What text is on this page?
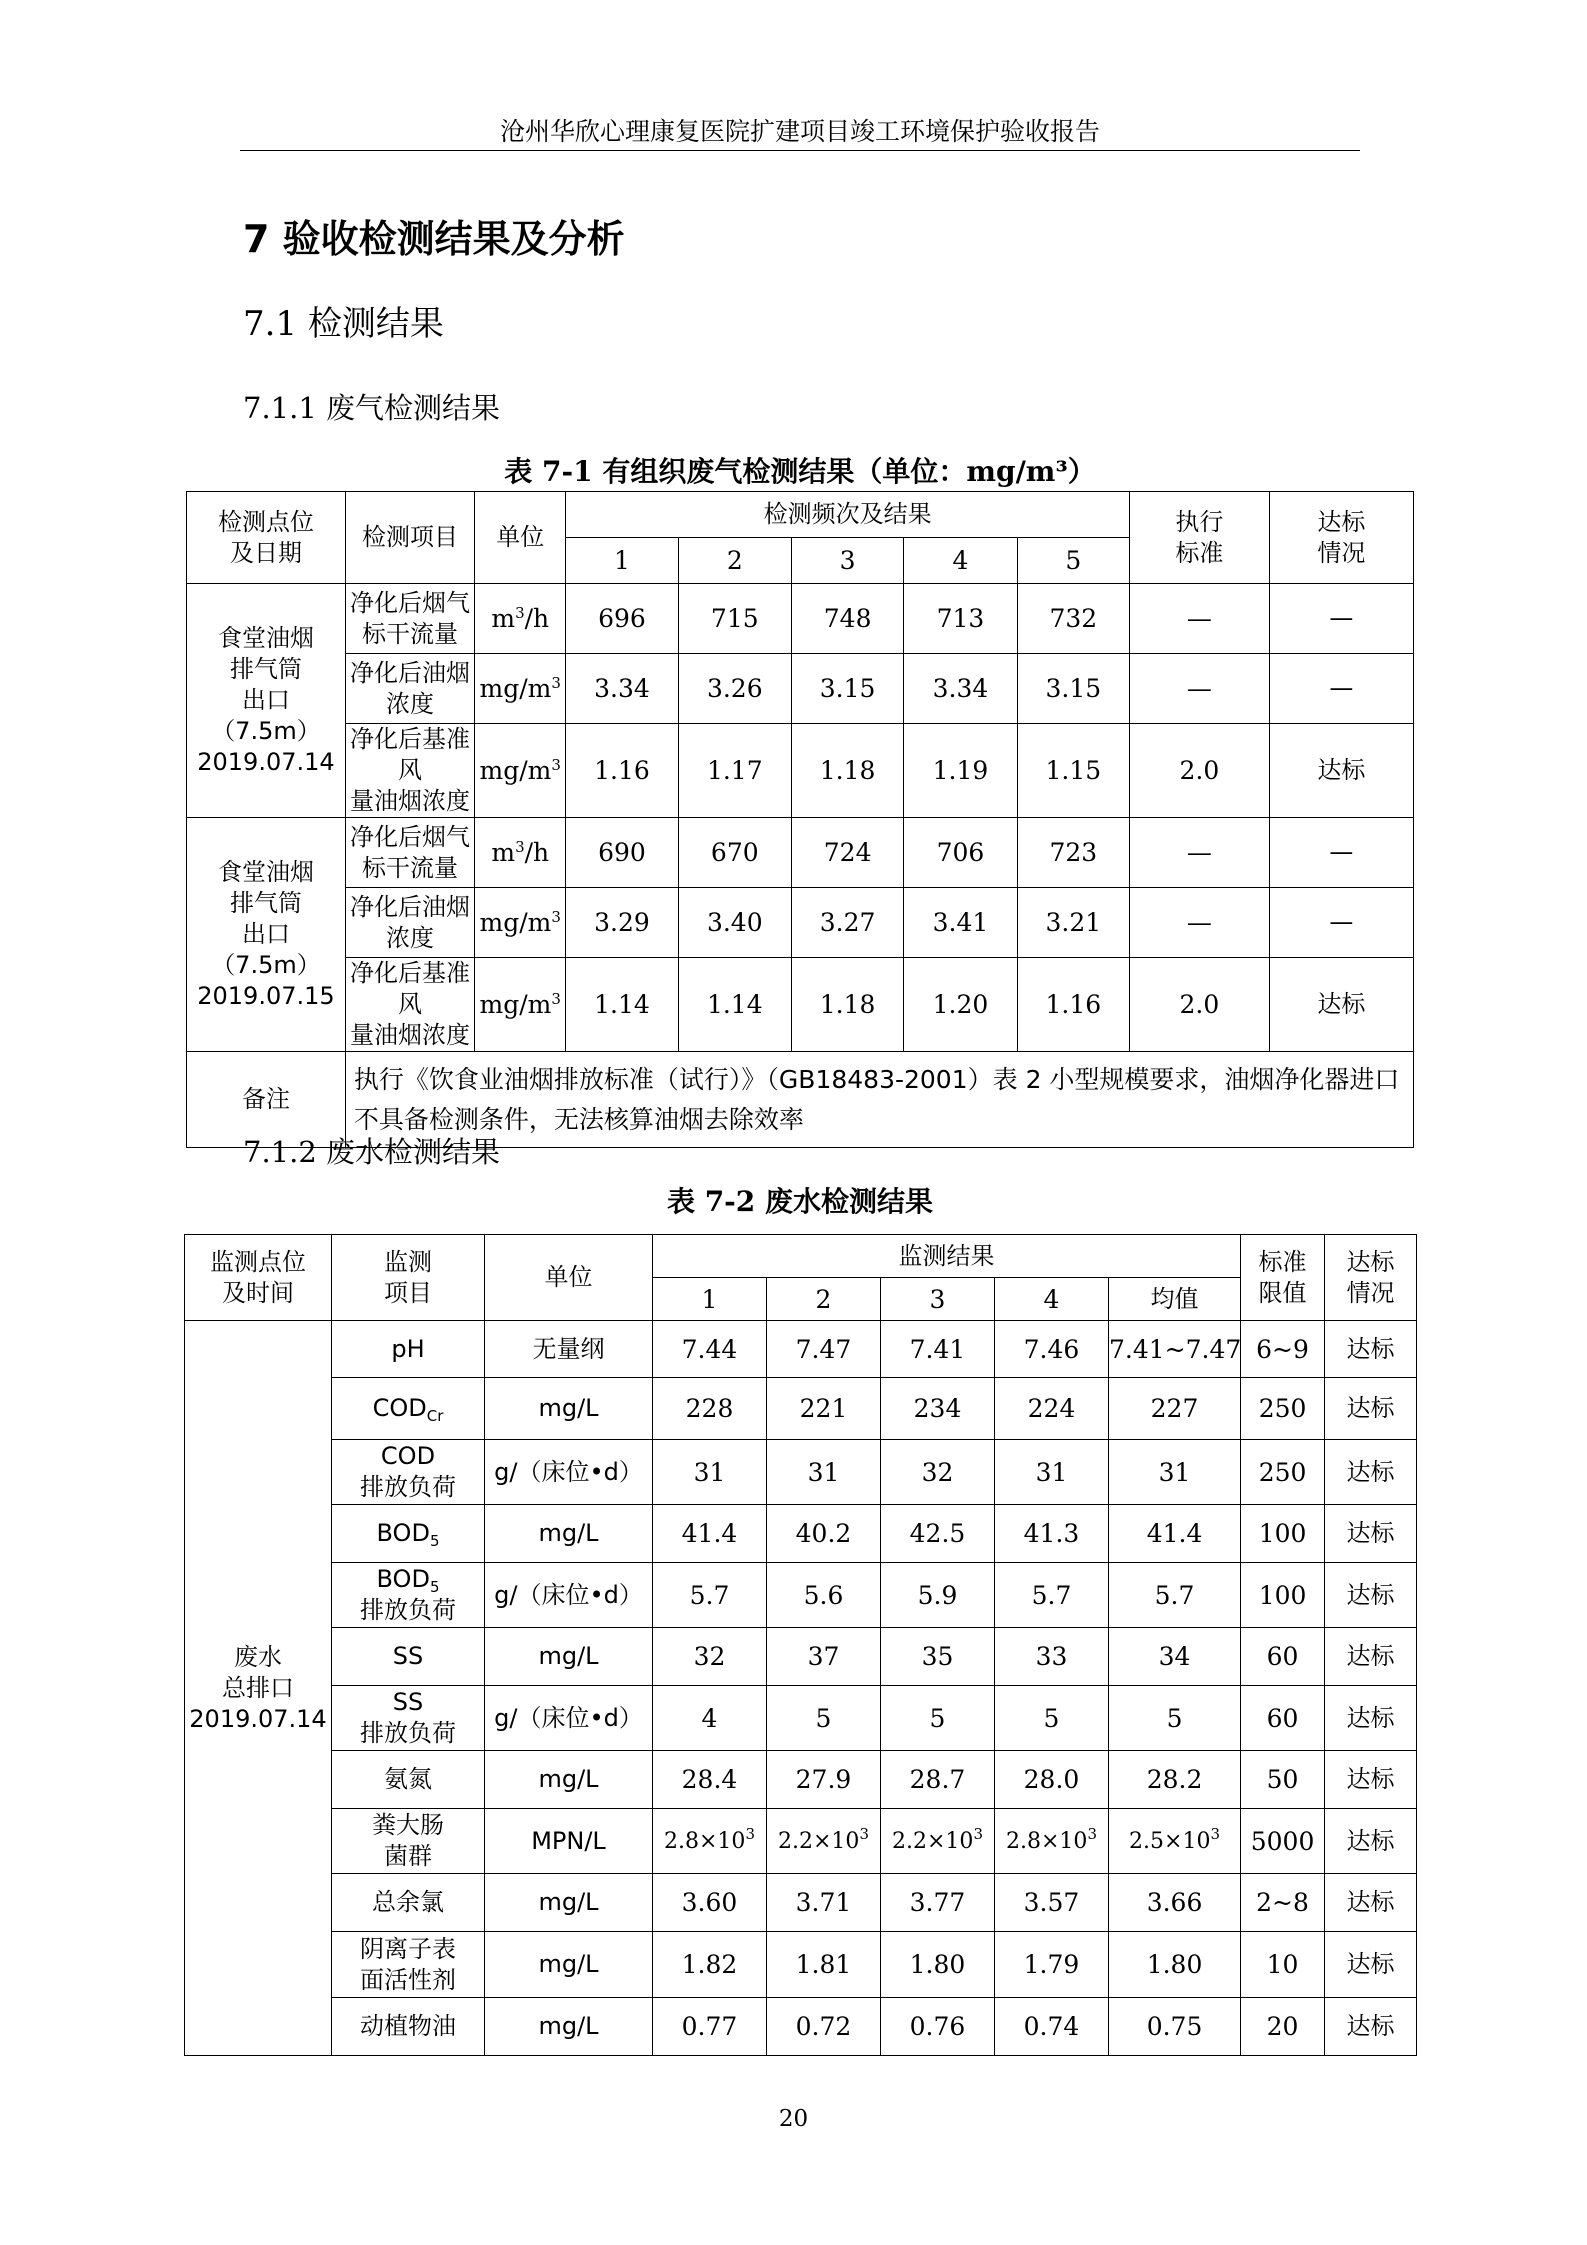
沧州华欣心理康复医院扩建项目竣工环境保护验收报告
7 验收检测结果及分析
7.1 检测结果
7.1.1 废气检测结果
表 7-1 有组织废气检测结果（单位：mg/m³）
检测点位
及日期	检测项目	单位	检测频次及结果					执行
标准	达标
情况
			1	2	3	4	5		
食堂油烟
排气筒
出口
（7.5m）
2019.07.14	净化后烟气
标干流量	$m^3/h$	696	715	748	713	732	—	—
	净化后油烟
浓度	$mg/m^3$	3.34	3.26	3.15	3.34	3.15	—	—
	净化后基准风
量油烟浓度	$mg/m^3$	1.16	1.17	1.18	1.19	1.15	2.0	达标
食堂油烟
排气筒
出口
（7.5m）
2019.07.15	净化后烟气
标干流量	$m^3/h$	690	670	724	706	723	—	—
	净化后油烟
浓度	$mg/m^3$	3.29	3.40	3.27	3.41	3.21	—	—
	净化后基准风
量油烟浓度	$mg/m^3$	1.14	1.14	1.18	1.20	1.16	2.0	达标
备注	执行《饮食业油烟排放标准（试行）》（GB18483-2001）表 2 小型规模要求，油烟净化器进口不具备检测条件，无法核算油烟去除效率								
7.1.2 废水检测结果
表 7-2 废水检测结果
监测点位
及时间	监测
项目	单位	监测结果					标准
限值	达标
情况
			1	2	3	4	均值		
废水
总排口
2019.07.14	pH	无量纲	7.44	7.47	7.41	7.46	7.41~7.47	6~9	达标
	$COD_{Cr}$	mg/L	228	221	234	224	227	250	达标
	COD
排放负荷	g/（床位•d）	31	31	32	31	31	250	达标
	$BOD_5$	mg/L	41.4	40.2	42.5	41.3	41.4	100	达标
	$BOD_5$
排放负荷	g/（床位•d）	5.7	5.6	5.9	5.7	5.7	100	达标
	SS	mg/L	32	37	35	33	34	60	达标
	SS
排放负荷	g/（床位•d）	4	5	5	5	5	60	达标
	氨氮	mg/L	28.4	27.9	28.7	28.0	28.2	50	达标
	粪大肠
菌群	MPN/L	$2.8\times 10^3$	$2.2\times 10^3$	$2.2\times 10^3$	$2.8\times 10^3$	$2.5\times 10^3$	5000	达标
	总余氯	mg/L	3.60	3.71	3.77	3.57	3.66	2~8	达标
	阴离子表
面活性剂	mg/L	1.82	1.81	1.80	1.79	1.80	10	达标
	动植物油	mg/L	0.77	0.72	0.76	0.74	0.75	20	达标
20
